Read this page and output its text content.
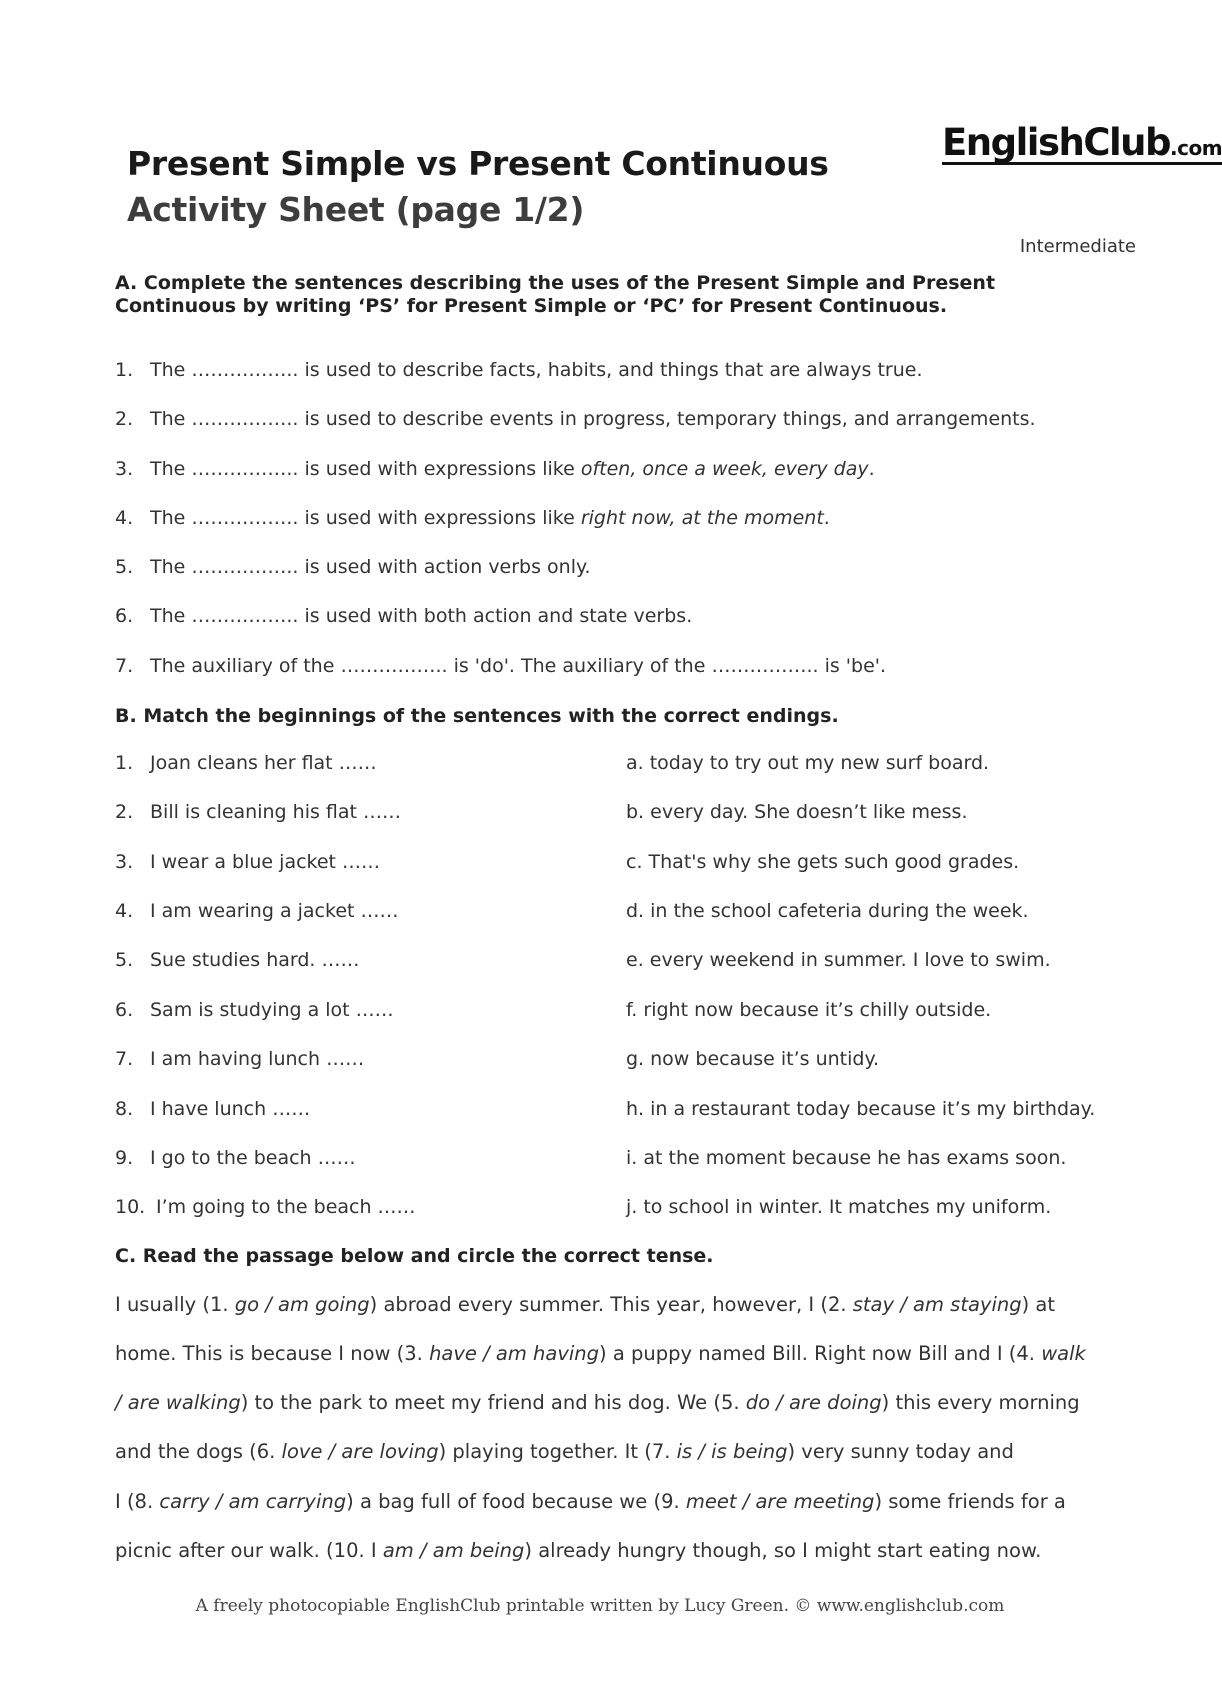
Present Simple vs Present Continuous
Activity Sheet (page 1/2)
EnglishClub.com
Intermediate
A. Complete the sentences describing the uses of the Present Simple and Present
Continuous by writing ‘PS’ for Present Simple or ‘PC’ for Present Continuous.
1. The …………….. is used to describe facts, habits, and things that are always true.
2. The …………….. is used to describe events in progress, temporary things, and arrangements.
3. The …………….. is used with expressions like often, once a week, every day.
4. The …………….. is used with expressions like right now, at the moment.
5. The …………….. is used with action verbs only.
6. The …………….. is used with both action and state verbs.
7. The auxiliary of the …………….. is 'do'. The auxiliary of the …………….. is 'be'.
B. Match the beginnings of the sentences with the correct endings.
1. Joan cleans her flat ……
2. Bill is cleaning his flat ……
3. I wear a blue jacket ……
4. I am wearing a jacket ……
5. Sue studies hard. ……
6. Sam is studying a lot ……
7. I am having lunch ……
8. I have lunch ……
9. I go to the beach ……
10. I’m going to the beach ……
a. today to try out my new surf board.
b. every day. She doesn’t like mess.
c. That's why she gets such good grades.
d. in the school cafeteria during the week.
e. every weekend in summer. I love to swim.
f. right now because it’s chilly outside.
g. now because it’s untidy.
h. in a restaurant today because it’s my birthday.
i. at the moment because he has exams soon.
j. to school in winter. It matches my uniform.
C. Read the passage below and circle the correct tense.
I usually (1. go / am going) abroad every summer. This year, however, I (2. stay / am staying) at
home. This is because I now (3. have / am having) a puppy named Bill. Right now Bill and I (4. walk
/ are walking) to the park to meet my friend and his dog. We (5. do / are doing) this every morning
and the dogs (6. love / are loving) playing together. It (7. is / is being) very sunny today and
I (8. carry / am carrying) a bag full of food because we (9. meet / are meeting) some friends for a
picnic after our walk. (10. I am / am being) already hungry though, so I might start eating now.
A freely photocopiable EnglishClub printable written by Lucy Green. © www.englishclub.com
